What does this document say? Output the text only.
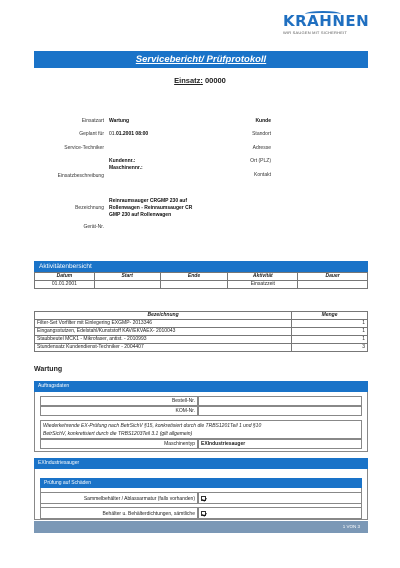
KRAHNEN
WIR SAUGEN MIT SICHERHEIT
Servicebericht/ Prüfprotokoll
Einsatz: 00000
Einsatzart Wartung	Kunde
Geplant für 01.01.2001 08:00	Standort
Service-Techniker	Adresse
Kundennr.:	Ort (PLZ)
Maschinennr.:
Einsatzbeschreibung	Kontakt
Bezeichnung
Reinraumsauger CRGMP 230 auf
Rollenwagen - Reinraumsauger CR
GMP 230 auf Rollenwagen
Gerät-Nr.
Aktivitätenbersicht
Datum	Start	Ende	Aktivität	Dauer
01.01.2001			Einsatzzeit	
Bezeichnung	Menge
Filter-Set Vorfilter mit Einlegering EXGMP- 2013346	1
Eingangsstutzen, Edelstahl/Kunststoff KAV/EKVAEX- 2010043	1
Staubbeutel MCK1 - Mikrofaser, antist. - 2010993	1
Stundensatz Kundendienst-Techniker - 2004407	3
Wartung
Auftragsdaten
Bestell-Nr.
KOM-Nr.
Wiederkehrende EX-Prüfung nach BetrSichV §15, konkretisiert durch die TRBS1201Teil 1 und §10
BetrSichV, konkretisiert durch die TRBS1203Teil 3.1 (gilt allgemein)
Maschinentyp	EXIndustriesauger
EXIndustriesauger
Prüfung auf Schäden
Sammelbehälter / Ablassarmatur (falls vorhanden)
Behälter u. Behälterdichtungen, sämtliche
1 VON 3
